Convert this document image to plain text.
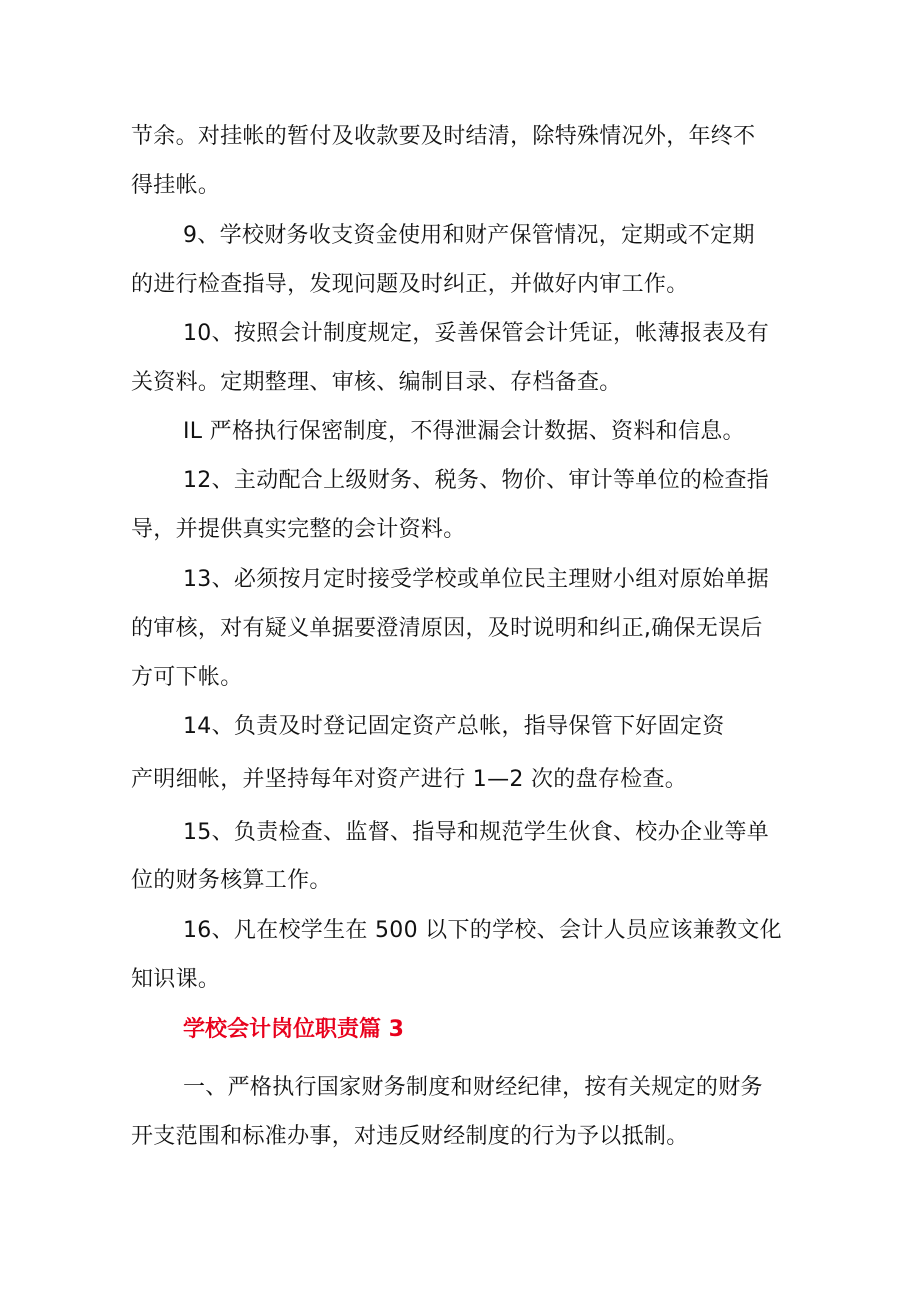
节余。对挂帐的暂付及收款要及时结清，除特殊情况外，年终不
得挂帐。
9、学校财务收支资金使用和财产保管情况，定期或不定期
的进行检查指导，发现问题及时纠正，并做好内审工作。
10、按照会计制度规定，妥善保管会计凭证，帐薄报表及有
关资料。定期整理、审核、编制目录、存档备查。
IL 严格执行保密制度，不得泄漏会计数据、资料和信息。
12、主动配合上级财务、税务、物价、审计等单位的检查指
导，并提供真实完整的会计资料。
13、必须按月定时接受学校或单位民主理财小组对原始单据
的审核，对有疑义单据要澄清原因，及时说明和纠正,确保无误后
方可下帐。
14、负责及时登记固定资产总帐，指导保管下好固定资
产明细帐，并坚持每年对资产进行 1—2 次的盘存检查。
15、负责检查、监督、指导和规范学生伙食、校办企业等单
位的财务核算工作。
16、凡在校学生在 500 以下的学校、会计人员应该兼教文化
知识课。
学校会计岗位职责篇 3
一、严格执行国家财务制度和财经纪律，按有关规定的财务
开支范围和标准办事，对违反财经制度的行为予以抵制。
